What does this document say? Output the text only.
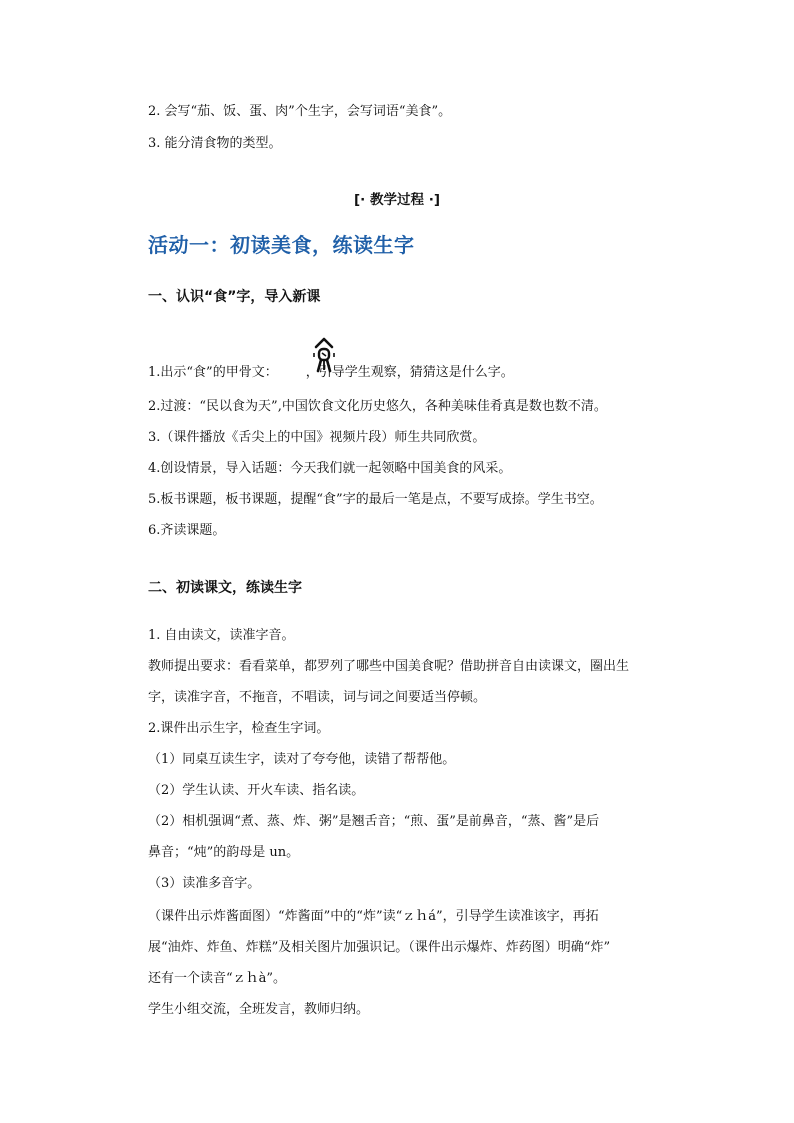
2. 会写“茄、饭、蛋、肉”个生字，会写词语“美食”。

3. 能分清食物的类型。

[· 教学过程 ·]
活动一：初读美食，练读生字
一、认识“食”字，导入新课

1.出示“食”的甲骨文： ，引导学生观察，猜猜这是什么字。

2.过渡：“民以食为天”,中国饮食文化历史悠久，各种美味佳肴真是数也数不清。

3.（课件播放《舌尖上的中国》视频片段）师生共同欣赏。

4.创设情景，导入话题：今天我们就一起领略中国美食的风采。

5.板书课题，板书课题，提醒“食”字的最后一笔是点，不要写成捺。学生书空。

6.齐读课题。

二、初读课文，练读生字

1. 自由读文，读准字音。

教师提出要求：看看菜单，都罗列了哪些中国美食呢？借助拼音自由读课文，圈出生

字，读准字音，不拖音，不唱读，词与词之间要适当停顿。

2.课件出示生字，检查生字词。

（1）同桌互读生字，读对了夸夸他，读错了帮帮他。

（2）学生认读、开火车读、指名读。

（2）相机强调“煮、蒸、炸、粥”是翘舌音；“煎、蛋”是前鼻音，“蒸、酱”是后

鼻音；“炖”的韵母是 un。

（3）读准多音字。

（课件出示炸酱面图）“炸酱面”中的“炸”读“ｚｈá”，引导学生读准该字，再拓

展“油炸、炸鱼、炸糕”及相关图片加强识记。（课件出示爆炸、炸药图）明确“炸”

还有一个读音“ｚｈà”。

学生小组交流，全班发言，教师归纳。
